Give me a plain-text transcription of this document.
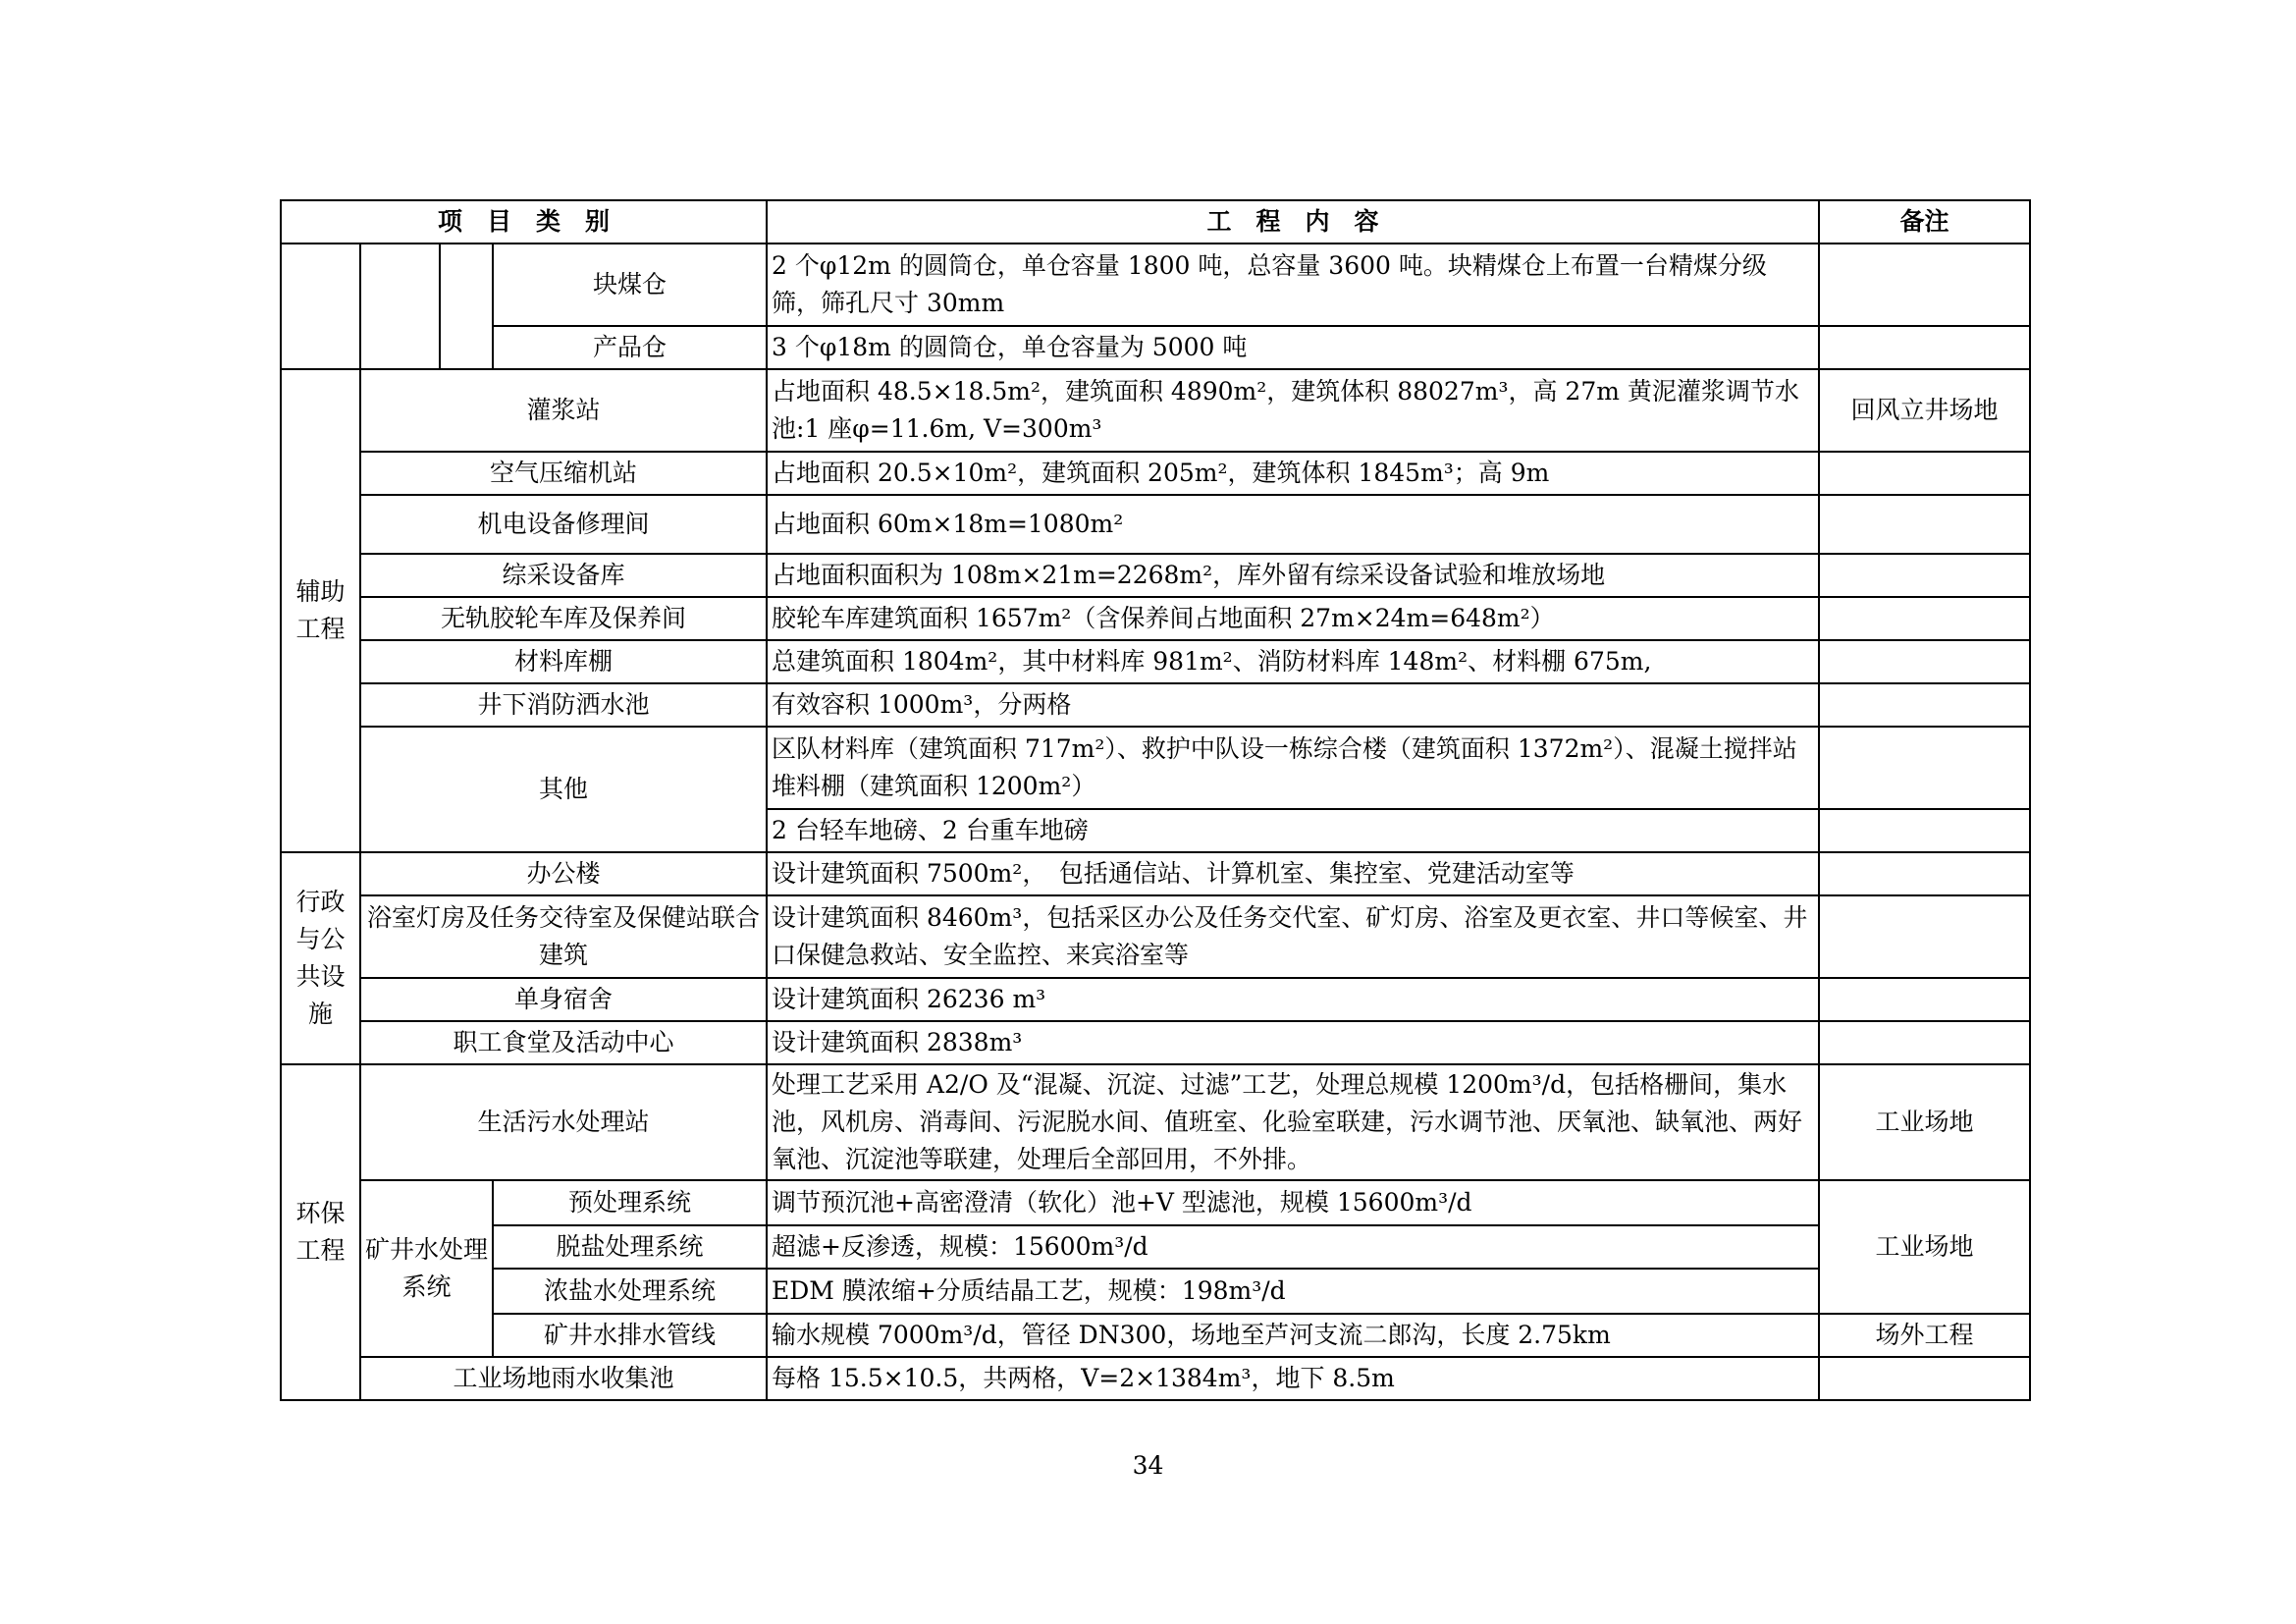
项　目　类　别				工　程　内　容	备注
			块煤仓	2 个φ12m 的圆筒仓，单仓容量 1800 吨，总容量 3600 吨。块精煤仓上布置一台精煤分级筛，筛孔尺寸 30mm	
			产品仓	3 个φ18m 的圆筒仓，单仓容量为 5000 吨	
辅助工程	灌浆站			占地面积 48.5×18.5m²，建筑面积 4890m²，建筑体积 88027m³，高 27m 黄泥灌浆调节水池:1 座φ=11.6m, V=300m³	回风立井场地
	空气压缩机站			占地面积 20.5×10m²，建筑面积 205m²，建筑体积 1845m³；高 9m	
	机电设备修理间			占地面积 60m×18m=1080m²	
	综采设备库			占地面积面积为 108m×21m=2268m²，库外留有综采设备试验和堆放场地	
	无轨胶轮车库及保养间			胶轮车库建筑面积 1657m²（含保养间占地面积 27m×24m=648m²）	
	材料库棚			总建筑面积 1804m²，其中材料库 981m²、消防材料库 148m²、材料棚 675m,	
	井下消防洒水池			有效容积 1000m³，分两格	
	其他			区队材料库（建筑面积 717m²）、救护中队设一栋综合楼（建筑面积 1372m²）、混凝土搅拌站堆料棚（建筑面积 1200m²）	
				2 台轻车地磅、2 台重车地磅	
行政与公共设施	办公楼			设计建筑面积 7500m²，　包括通信站、计算机室、集控室、党建活动室等	
	浴室灯房及任务交待室及保健站联合建筑			设计建筑面积 8460m³，包括采区办公及任务交代室、矿灯房、浴室及更衣室、井口等候室、井口保健急救站、安全监控、来宾浴室等	
	单身宿舍			设计建筑面积 26236 m³	
	职工食堂及活动中心			设计建筑面积 2838m³	
环保工程	生活污水处理站			处理工艺采用 A2/O 及“混凝、沉淀、过滤”工艺，处理总规模 1200m³/d，包括格栅间，集水池，风机房、消毒间、污泥脱水间、值班室、化验室联建，污水调节池、厌氧池、缺氧池、两好氧池、沉淀池等联建，处理后全部回用，不外排。	工业场地
	矿井水处理系统		预处理系统	调节预沉池+高密澄清（软化）池+V 型滤池，规模 15600m³/d	工业场地
			脱盐处理系统	超滤+反渗透，规模：15600m³/d	
			浓盐水处理系统	EDM 膜浓缩+分质结晶工艺，规模：198m³/d	
			矿井水排水管线	输水规模 7000m³/d，管径 DN300，场地至芦河支流二郎沟，长度 2.75km	场外工程
	工业场地雨水收集池			每格 15.5×10.5，共两格，V=2×1384m³，地下 8.5m	
34
